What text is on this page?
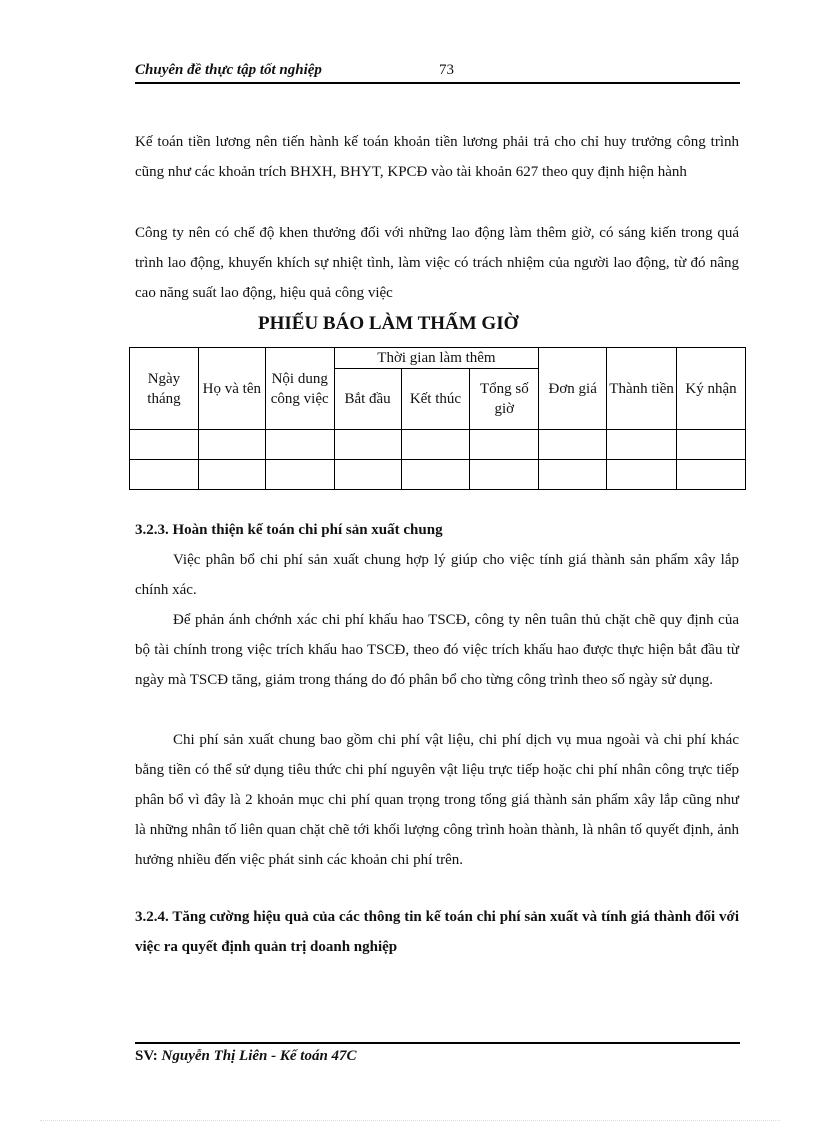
Chuyên đề thực tập tốt nghiệp	73
Kế toán tiền lương nên tiến hành kế toán khoản tiền lương phải trả cho chỉ huy trưởng công trình cũng như các khoản trích BHXH, BHYT, KPCĐ vào tài khoản 627 theo quy định hiện hành
Công ty nên có chế độ khen thưởng đối với những lao động làm thêm giờ, có sáng kiến trong quá trình lao động, khuyến khích sự nhiệt tình, làm việc có trách nhiệm của người lao động, từ đó nâng cao năng suất lao động, hiệu quả công việc
PHIẾU BÁO LÀM THẤM GIỜ
Ngày tháng	Họ và tên	Nội dung công việc	Thời gian làm thêm			Đơn giá	Thành tiền	Ký nhận
			Bắt đầu	Kết thúc	Tổng số giờ			

3.2.3. Hoàn thiện kế toán chi phí sản xuất chung
Việc phân bổ chi phí sản xuất chung hợp lý giúp cho việc tính giá thành sản phẩm xây lắp chính xác.
Để phản ánh chớnh xác chi phí khấu hao TSCĐ, công ty nên tuân thủ chặt chẽ quy định của bộ tài chính trong việc trích khấu hao TSCĐ, theo đó việc trích khấu hao được thực hiện bắt đầu từ ngày mà TSCĐ tăng, giảm trong tháng do đó phân bổ cho từng công trình theo số ngày sử dụng.
Chi phí sản xuất chung bao gồm chi phí vật liệu, chi phí dịch vụ mua ngoài và chi phí khác bằng tiền có thể sử dụng tiêu thức chi phí nguyên vật liệu trực tiếp hoặc chi phí nhân công trực tiếp phân bổ vì đây là 2 khoản mục chi phí quan trọng trong tổng giá thành sản phẩm xây lắp cũng như là những nhân tố liên quan chặt chẽ tới khối lượng công trình hoàn thành, là nhân tố quyết định, ảnh hưởng nhiều đến việc phát sinh các khoản chi phí trên.
3.2.4. Tăng cường hiệu quả của các thông tin kế toán chi phí sản xuất và tính giá thành đối với việc ra quyết định quản trị doanh nghiệp
SV: Nguyễn Thị Liên - Kế toán 47C
